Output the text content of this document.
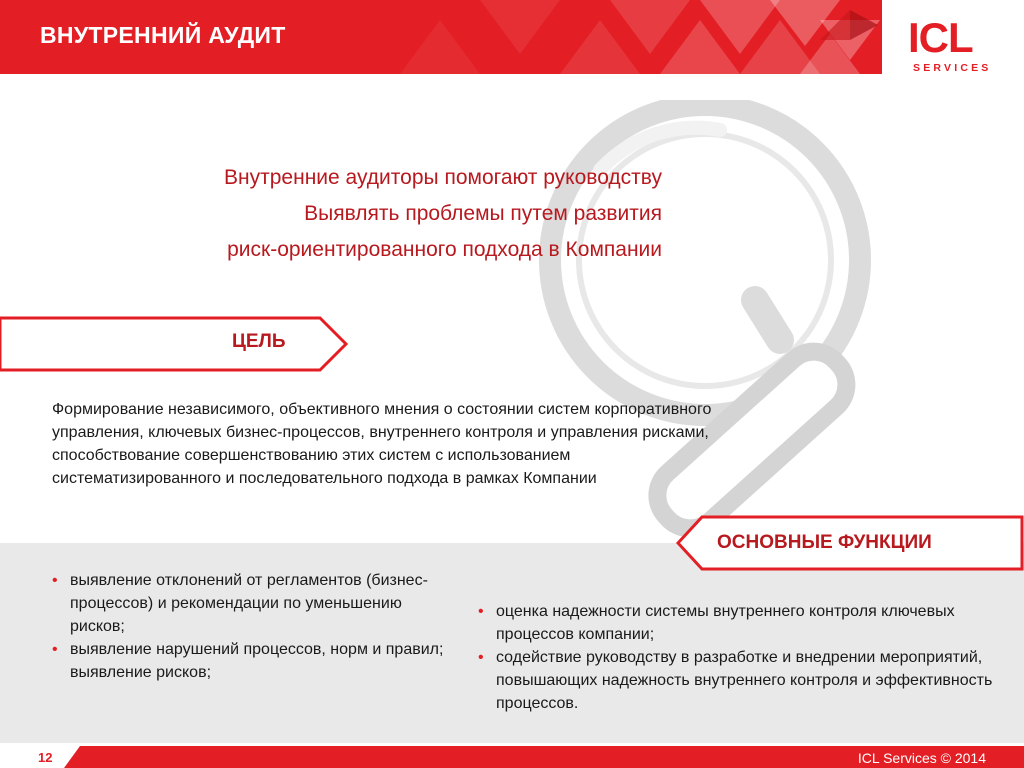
ВНУТРЕННИЙ АУДИТ	ICL
SERVICES
Внутренние аудиторы помогают руководству
Выявлять проблемы путем развития
риск-ориентированного подхода в Компании
ЦЕЛЬ
Формирование независимого, объективного мнения о состоянии систем корпоративного управления, ключевых бизнес-процессов, внутреннего контроля и управления рисками, способствование совершенствованию этих систем с использованием систематизированного и последовательного подхода в рамках Компании
ОСНОВНЫЕ ФУНКЦИИ
• выявление отклонений от регламентов (бизнес-процессов) и рекомендации по уменьшению рисков;
• выявление нарушений процессов, норм и правил; выявление рисков;
• оценка надежности системы внутреннего контроля ключевых процессов компании;
• содействие руководству в разработке и внедрении мероприятий, повышающих надежность внутреннего контроля и эффективность процессов.
12	ICL Services © 2014
